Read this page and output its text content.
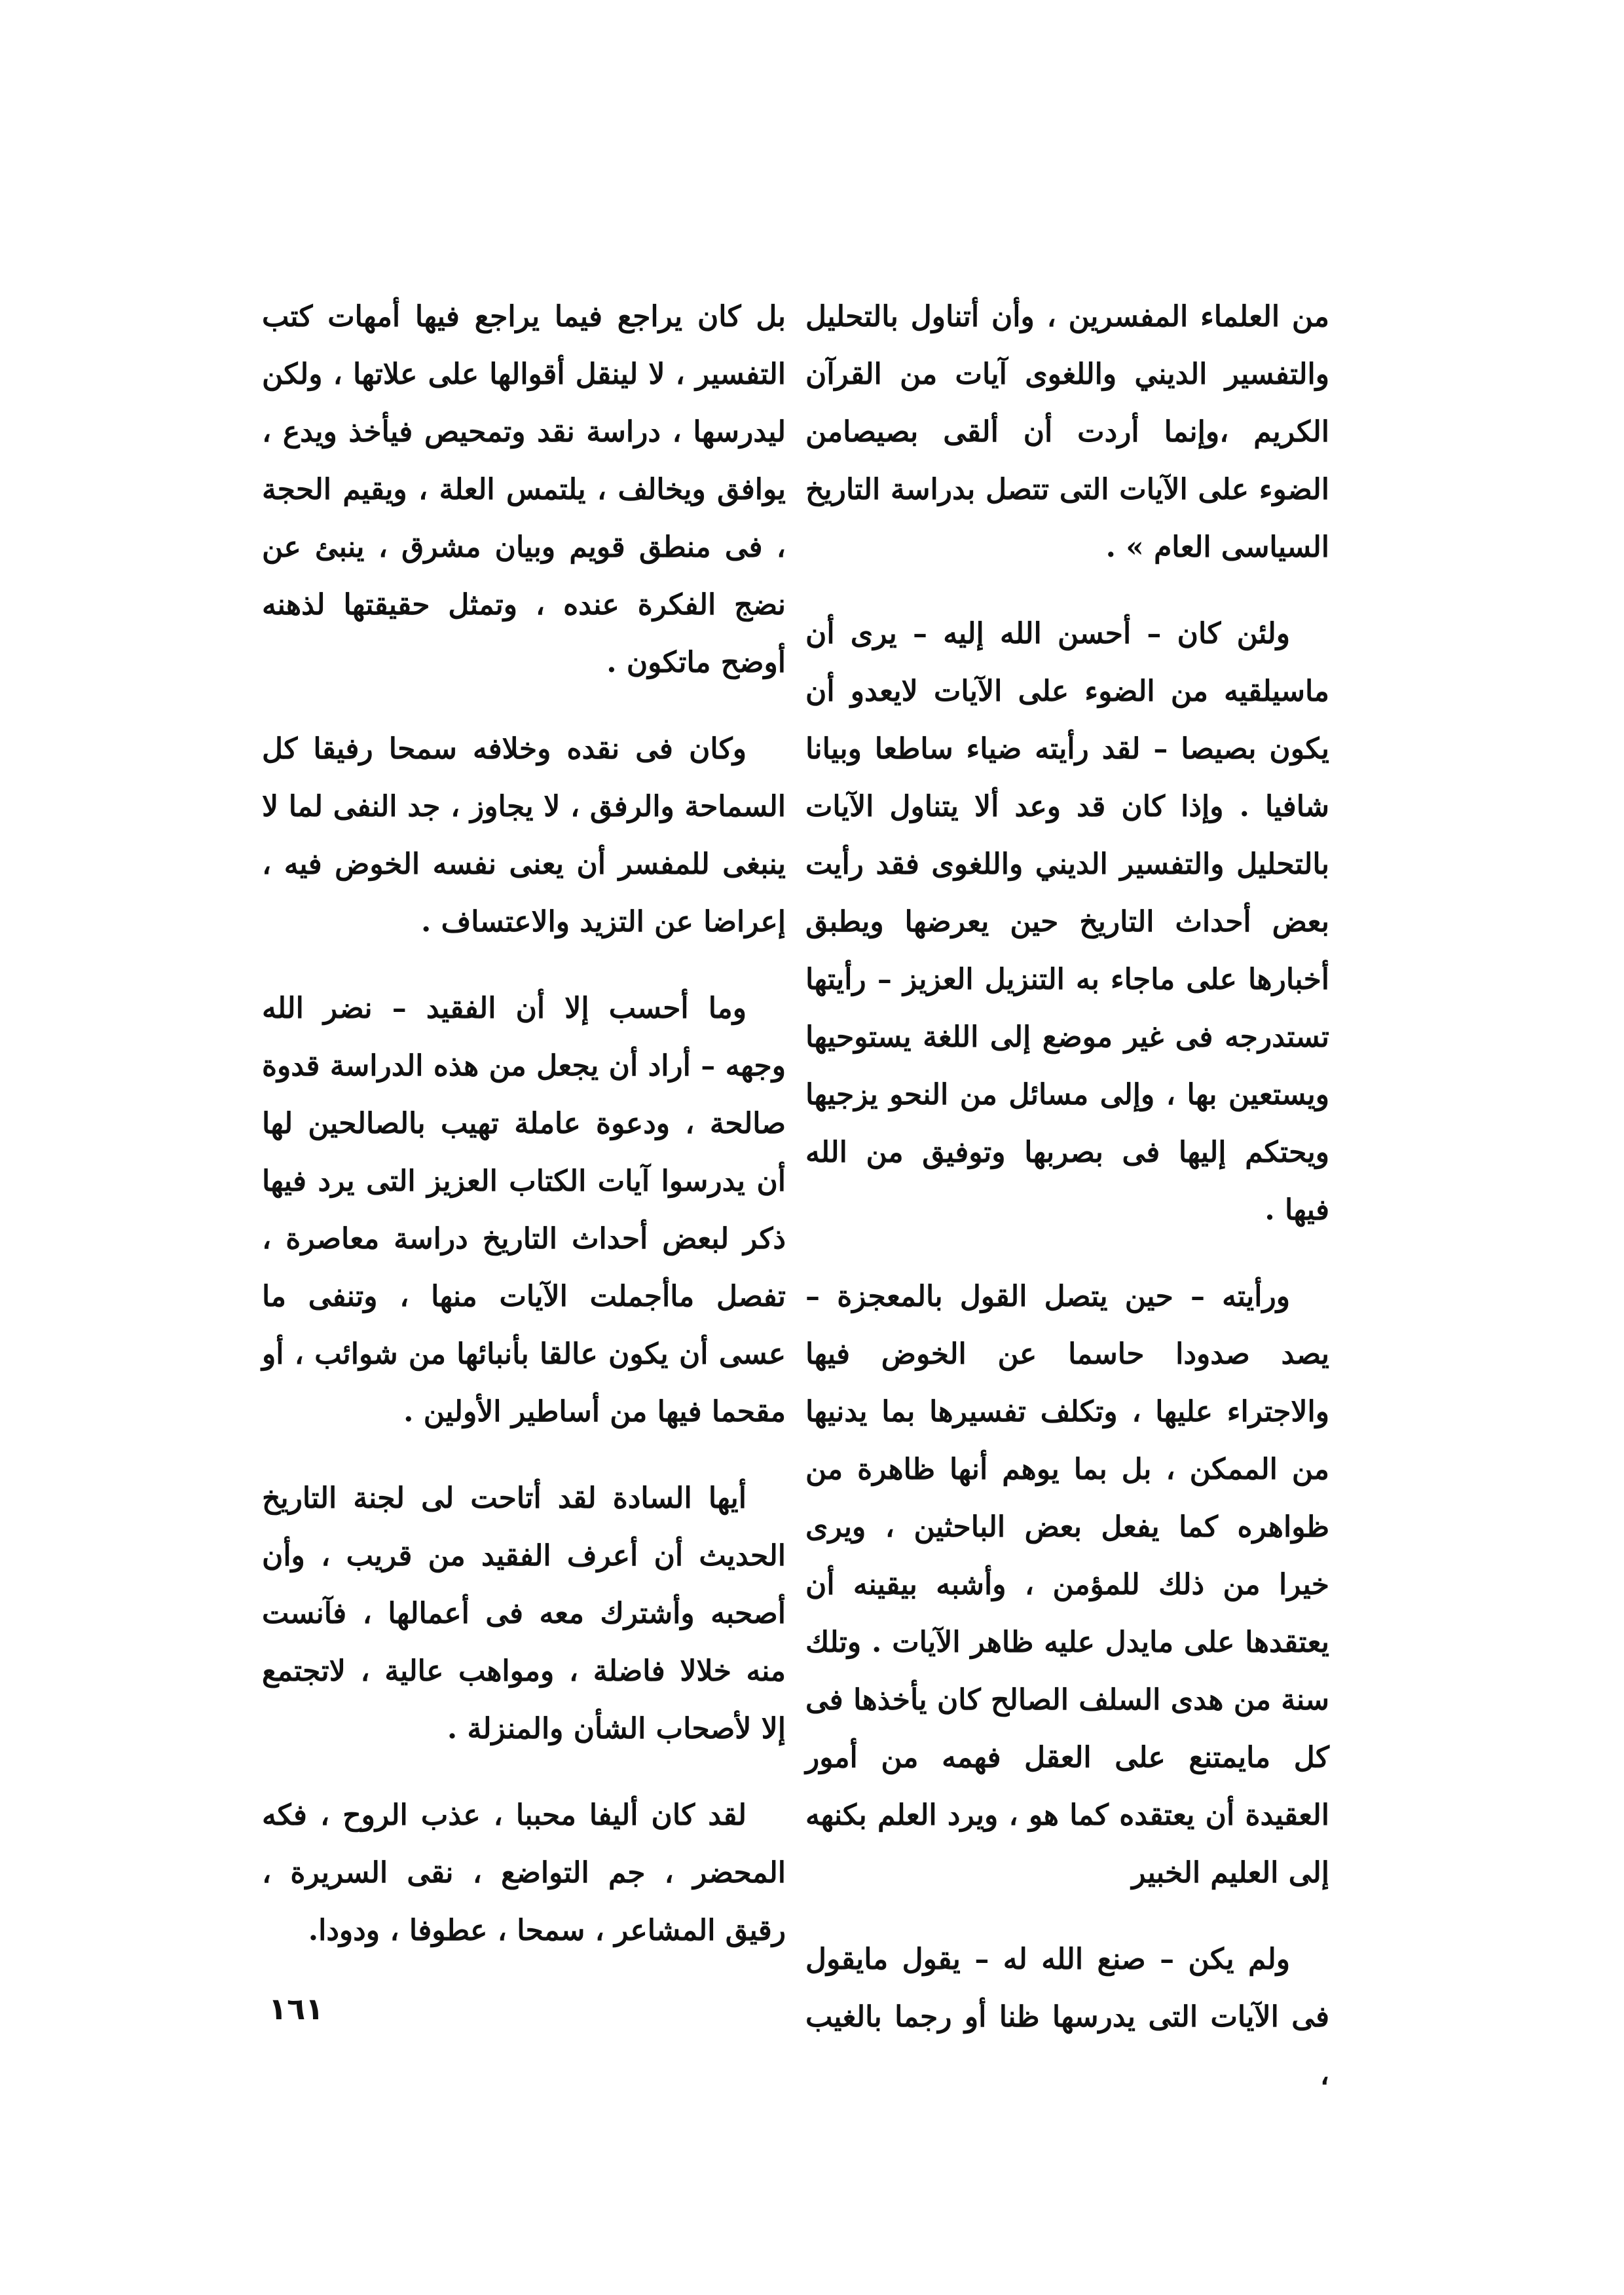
من العلماء المفسرين ، وأن أتناول بالتحليل والتفسير الديني واللغوى آيات من القرآن الكريم ،وإنما أردت أن ألقى بصيصامن الضوء على الآيات التى تتصل بدراسة التاريخ السياسى العام » .

ولئن كان – أحسن الله إليه – يرى أن ماسيلقيه من الضوء على الآيات لايعدو أن يكون بصيصا – لقد رأيته ضياء ساطعا وبيانا شافيا . وإذا كان قد وعد ألا يتناول الآيات بالتحليل والتفسير الديني واللغوى فقد رأيت بعض أحداث التاريخ حين يعرضها ويطبق أخبارها على ماجاء به التنزيل العزيز – رأيتها تستدرجه فى غير موضع إلى اللغة يستوحيها ويستعين بها ، وإلى مسائل من النحو يزجيها ويحتكم إليها فى بصربها وتوفيق من الله فيها .

ورأيته – حين يتصل القول بالمعجزة – يصد صدودا حاسما عن الخوض فيها والاجتراء عليها ، وتكلف تفسيرها بما يدنيها من الممكن ، بل بما يوهم أنها ظاهرة من ظواهره كما يفعل بعض الباحثين ، ويرى خيرا من ذلك للمؤمن ، وأشبه بيقينه أن يعتقدها على مايدل عليه ظاهر الآيات . وتلك سنة من هدى السلف الصالح كان يأخذها فى كل مايمتنع على العقل فهمه من أمور العقيدة أن يعتقده كما هو ، ويرد العلم بكنهه إلى العليم الخبير

ولم يكن – صنع الله له – يقول مايقول فى الآيات التى يدرسها ظنا أو رجما بالغيب ،

بل كان يراجع فيما يراجع فيها أمهات كتب التفسير ، لا لينقل أقوالها على علاتها ، ولكن ليدرسها ، دراسة نقد وتمحيص فيأخذ ويدع ، يوافق ويخالف ، يلتمس العلة ، ويقيم الحجة ، فى منطق قويم وبيان مشرق ، ينبئ عن نضج الفكرة عنده ، وتمثل حقيقتها لذهنه أوضح ماتكون .

وكان فى نقده وخلافه سمحا رفيقا كل السماحة والرفق ، لا يجاوز ، جد النفى لما لا ينبغى للمفسر أن يعنى نفسه الخوض فيه ، إعراضا عن التزيد والاعتساف .

وما أحسب إلا أن الفقيد – نضر الله وجهه – أراد أن يجعل من هذه الدراسة قدوة صالحة ، ودعوة عاملة تهيب بالصالحين لها أن يدرسوا آيات الكتاب العزيز التى يرد فيها ذكر لبعض أحداث التاريخ دراسة معاصرة ، تفصل ماأجملت الآيات منها ، وتنفى ما عسى أن يكون عالقا بأنبائها من شوائب ، أو مقحما فيها من أساطير الأولين .

أيها السادة لقد أتاحت لى لجنة التاريخ الحديث أن أعرف الفقيد من قريب ، وأن أصحبه وأشترك معه فى أعمالها ، فآنست منه خلالا فاضلة ، ومواهب عالية ، لاتجتمع إلا لأصحاب الشأن والمنزلة .

لقد كان أليفا محببا ، عذب الروح ، فكه المحضر ، جم التواضع ، نقى السريرة ، رقيق المشاعر ، سمحا ، عطوفا ، ودودا.

١٦١
